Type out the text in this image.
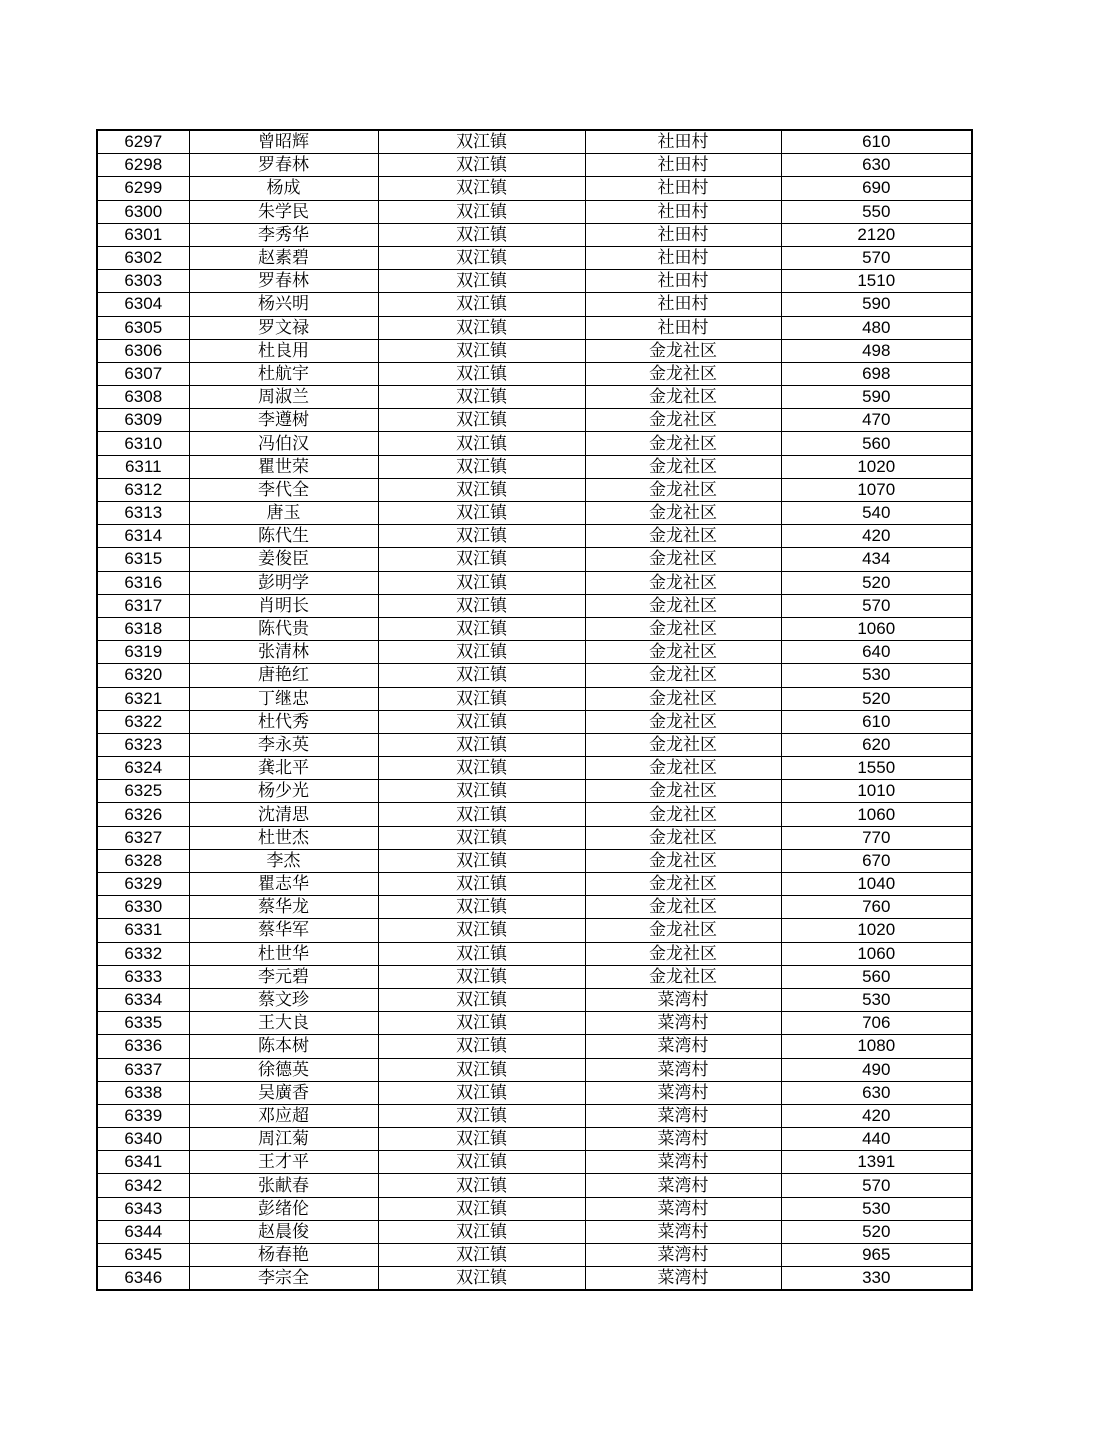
6297	曾昭辉	双江镇	社田村	610
6298	罗春林	双江镇	社田村	630
6299	杨成	双江镇	社田村	690
6300	朱学民	双江镇	社田村	550
6301	李秀华	双江镇	社田村	2120
6302	赵素碧	双江镇	社田村	570
6303	罗春林	双江镇	社田村	1510
6304	杨兴明	双江镇	社田村	590
6305	罗文禄	双江镇	社田村	480
6306	杜良用	双江镇	金龙社区	498
6307	杜航宇	双江镇	金龙社区	698
6308	周淑兰	双江镇	金龙社区	590
6309	李遵树	双江镇	金龙社区	470
6310	冯伯汉	双江镇	金龙社区	560
6311	瞿世荣	双江镇	金龙社区	1020
6312	李代全	双江镇	金龙社区	1070
6313	唐玉	双江镇	金龙社区	540
6314	陈代生	双江镇	金龙社区	420
6315	姜俊臣	双江镇	金龙社区	434
6316	彭明学	双江镇	金龙社区	520
6317	肖明长	双江镇	金龙社区	570
6318	陈代贵	双江镇	金龙社区	1060
6319	张清林	双江镇	金龙社区	640
6320	唐艳红	双江镇	金龙社区	530
6321	丁继忠	双江镇	金龙社区	520
6322	杜代秀	双江镇	金龙社区	610
6323	李永英	双江镇	金龙社区	620
6324	龚北平	双江镇	金龙社区	1550
6325	杨少光	双江镇	金龙社区	1010
6326	沈清思	双江镇	金龙社区	1060
6327	杜世杰	双江镇	金龙社区	770
6328	李杰	双江镇	金龙社区	670
6329	瞿志华	双江镇	金龙社区	1040
6330	蔡华龙	双江镇	金龙社区	760
6331	蔡华军	双江镇	金龙社区	1020
6332	杜世华	双江镇	金龙社区	1060
6333	李元碧	双江镇	金龙社区	560
6334	蔡文珍	双江镇	菜湾村	530
6335	王大良	双江镇	菜湾村	706
6336	陈本树	双江镇	菜湾村	1080
6337	徐德英	双江镇	菜湾村	490
6338	吴廣香	双江镇	菜湾村	630
6339	邓应超	双江镇	菜湾村	420
6340	周江菊	双江镇	菜湾村	440
6341	王才平	双江镇	菜湾村	1391
6342	张献春	双江镇	菜湾村	570
6343	彭绪伦	双江镇	菜湾村	530
6344	赵晨俊	双江镇	菜湾村	520
6345	杨春艳	双江镇	菜湾村	965
6346	李宗全	双江镇	菜湾村	330
